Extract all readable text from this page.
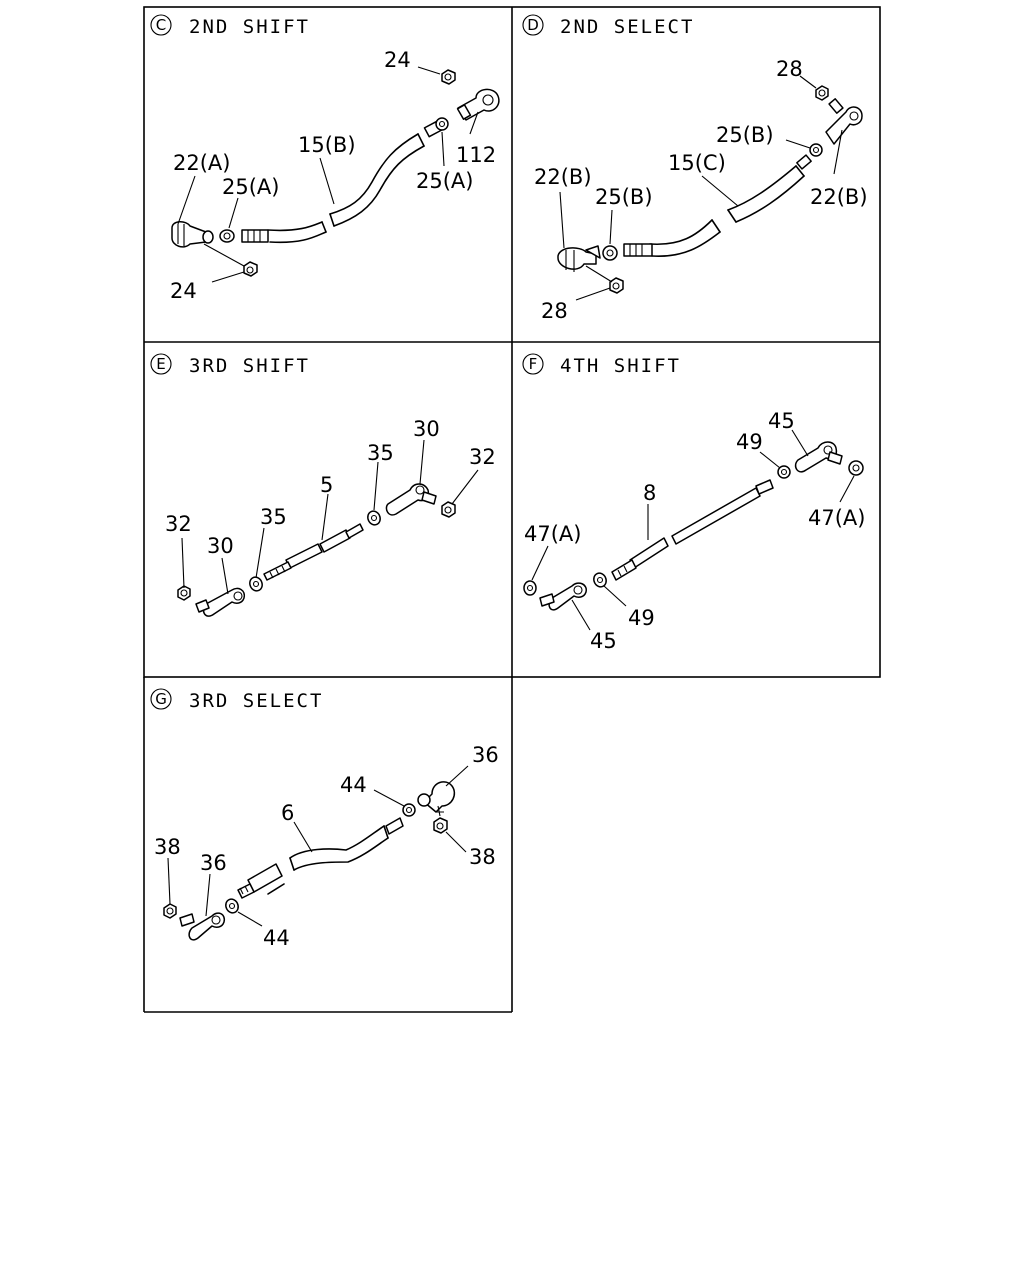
C 2ND SHIFT
24
112
15(B)
25(A)
22(A)
25(A)
24
D 2ND SELECT
28
25(B)
15(C)
22(B)
25(B)	22(B)
28
E 3RD SHIFT
30
32
35
5
35
32
30
F 4TH SHIFT
45
49
47(A)
8
47(A)
49
45
G 3RD SELECT
36
44
6
38
36	38
44
